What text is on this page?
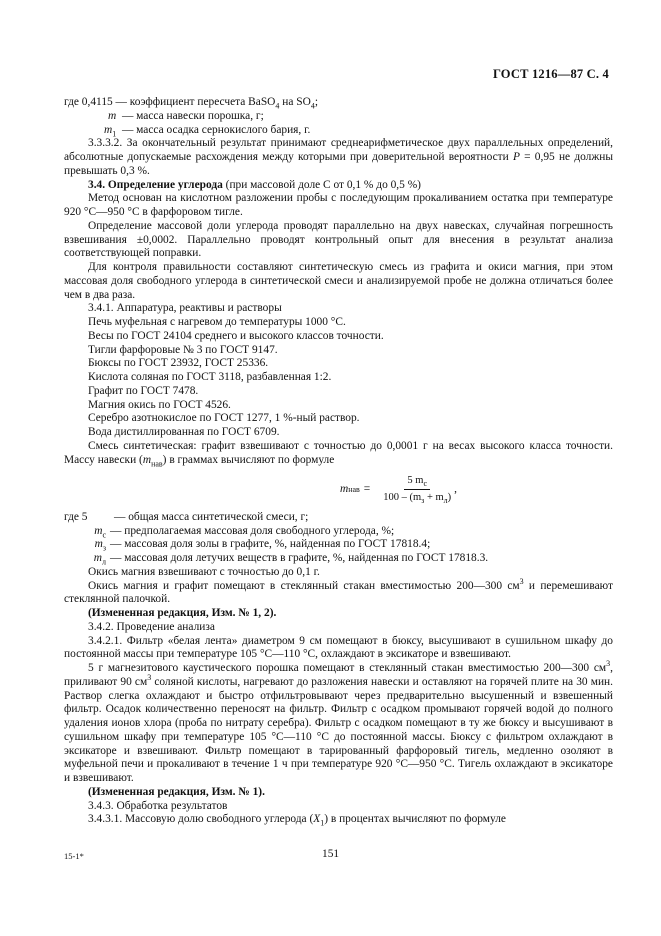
ГОСТ 1216—87 С. 4

где 0,4115 — коэффициент пересчета BaSO$_4$ на $SO_4$;

m — масса навески порошка, г;

$m_1$ — масса осадка сернокислого бария, г.

3.3.3.2. За окончательный результат принимают среднеарифметическое двух параллельных определений, абсолютные допускаемые расхождения между которыми при доверительной вероятности P = 0,95 не должны превышать 0,3 %.

3.4. Определение углерода (при массовой доле С от 0,1 % до 0,5 %)

Метод основан на кислотном разложении пробы с последующим прокаливанием остатка при температуре 920 °С—950 °С в фарфоровом тигле.

Определение массовой доли углерода проводят параллельно на двух навесках, случайная погрешность взвешивания ±0,0002. Параллельно проводят контрольный опыт для внесения в результат анализа соответствующей поправки.

Для контроля правильности составляют синтетическую смесь из графита и окиси магния, при этом массовая доля свободного углерода в синтетической смеси и анализируемой пробе не должна отличаться более чем в два раза.

3.4.1. Аппаратура, реактивы и растворы

Печь муфельная с нагревом до температуры 1000 °С.

Весы по ГОСТ 24104 среднего и высокого классов точности.

Тигли фарфоровые № 3 по ГОСТ 9147.

Бюксы по ГОСТ 23932, ГОСТ 25336.

Кислота соляная по ГОСТ 3118, разбавленная 1:2.

Графит по ГОСТ 7478.

Магния окись по ГОСТ 4526.

Серебро азотнокислое по ГОСТ 1277, 1 %-ный раствор.

Вода дистиллированная по ГОСТ 6709.

Смесь синтетическая: графит взвешивают с точностью до 0,0001 г на весах высокого класса точности. Массу навески $(m_{нав})$ в граммах вычисляют по формуле

m нав = $\frac{5 m_c}{100 - (m_з + m_л)}$ ,
где 5	— общая масса синтетической смеси, г;
$m_с$ — предполагаемая массовая доля свободного углерода, %;
$m_з$ — массовая доля золы в графите, %, найденная по ГОСТ 17818.4;
$m_л$ — массовая доля летучих веществ в графите, %, найденная по ГОСТ 17818.3.

Окись магния взвешивают с точностью до 0,1 г.

Окись магния и графит помещают в стеклянный стакан вместимостью 200—300 $см^3$ и перемешивают стеклянной палочкой.

(Измененная редакция, Изм. № 1, 2).

3.4.2. Проведение анализа

3.4.2.1. Фильтр «белая лента» диаметром 9 см помещают в бюксу, высушивают в сушильном шкафу до постоянной массы при температуре 105 °С—110 °С, охлаждают в эксикаторе и взвешивают.

5 г магнезитового каустического порошка помещают в стеклянный стакан вместимостью 200—300 $см^3$, приливают 90 $см^3$ соляной кислоты, нагревают до разложения навески и оставляют на горячей плите на 30 мин. Раствор слегка охлаждают и быстро отфильтровывают через предварительно высушенный и взвешенный фильтр. Осадок количественно переносят на фильтр. Фильтр с осадком промывают горячей водой до полного удаления ионов хлора (проба по нитрату серебра). Фильтр с осадком помещают в ту же бюксу и высушивают в сушильном шкафу при температуре 105 °С—110 °С до постоянной массы. Бюксу с фильтром охлаждают в эксикаторе и взвешивают. Фильтр помещают в тарированный фарфоровый тигель, медленно озоляют в муфельной печи и прокаливают в течение 1 ч при температуре 920 °С—950 °С. Тигель охлаждают в эксикаторе и взвешивают.

(Измененная редакция, Изм. № 1).

3.4.3. Обработка результатов

3.4.3.1. Массовую долю свободного углерода $(X_1)$ в процентах вычисляют по формуле

15-1*	151
